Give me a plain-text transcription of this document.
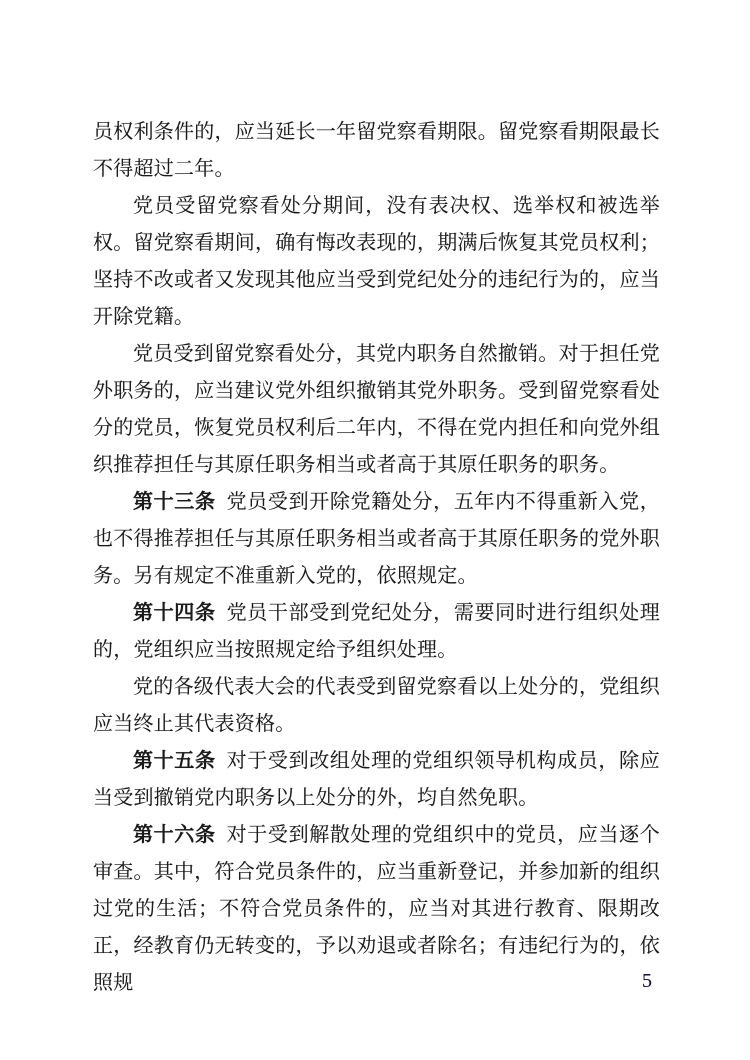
员权利条件的，应当延长一年留党察看期限。留党察看期限最长不得超过二年。

党员受留党察看处分期间，没有表决权、选举权和被选举权。留党察看期间，确有悔改表现的，期满后恢复其党员权利；坚持不改或者又发现其他应当受到党纪处分的违纪行为的，应当开除党籍。

党员受到留党察看处分，其党内职务自然撤销。对于担任党外职务的，应当建议党外组织撤销其党外职务。受到留党察看处分的党员，恢复党员权利后二年内，不得在党内担任和向党外组织推荐担任与其原任职务相当或者高于其原任职务的职务。

第十三条 党员受到开除党籍处分，五年内不得重新入党，也不得推荐担任与其原任职务相当或者高于其原任职务的党外职务。另有规定不准重新入党的，依照规定。

第十四条 党员干部受到党纪处分，需要同时进行组织处理的，党组织应当按照规定给予组织处理。

党的各级代表大会的代表受到留党察看以上处分的，党组织应当终止其代表资格。

第十五条 对于受到改组处理的党组织领导机构成员，除应当受到撤销党内职务以上处分的外，均自然免职。

第十六条 对于受到解散处理的党组织中的党员，应当逐个审查。其中，符合党员条件的，应当重新登记，并参加新的组织过党的生活；不符合党员条件的，应当对其进行教育、限期改正，经教育仍无转变的，予以劝退或者除名；有违纪行为的，依照规	5
